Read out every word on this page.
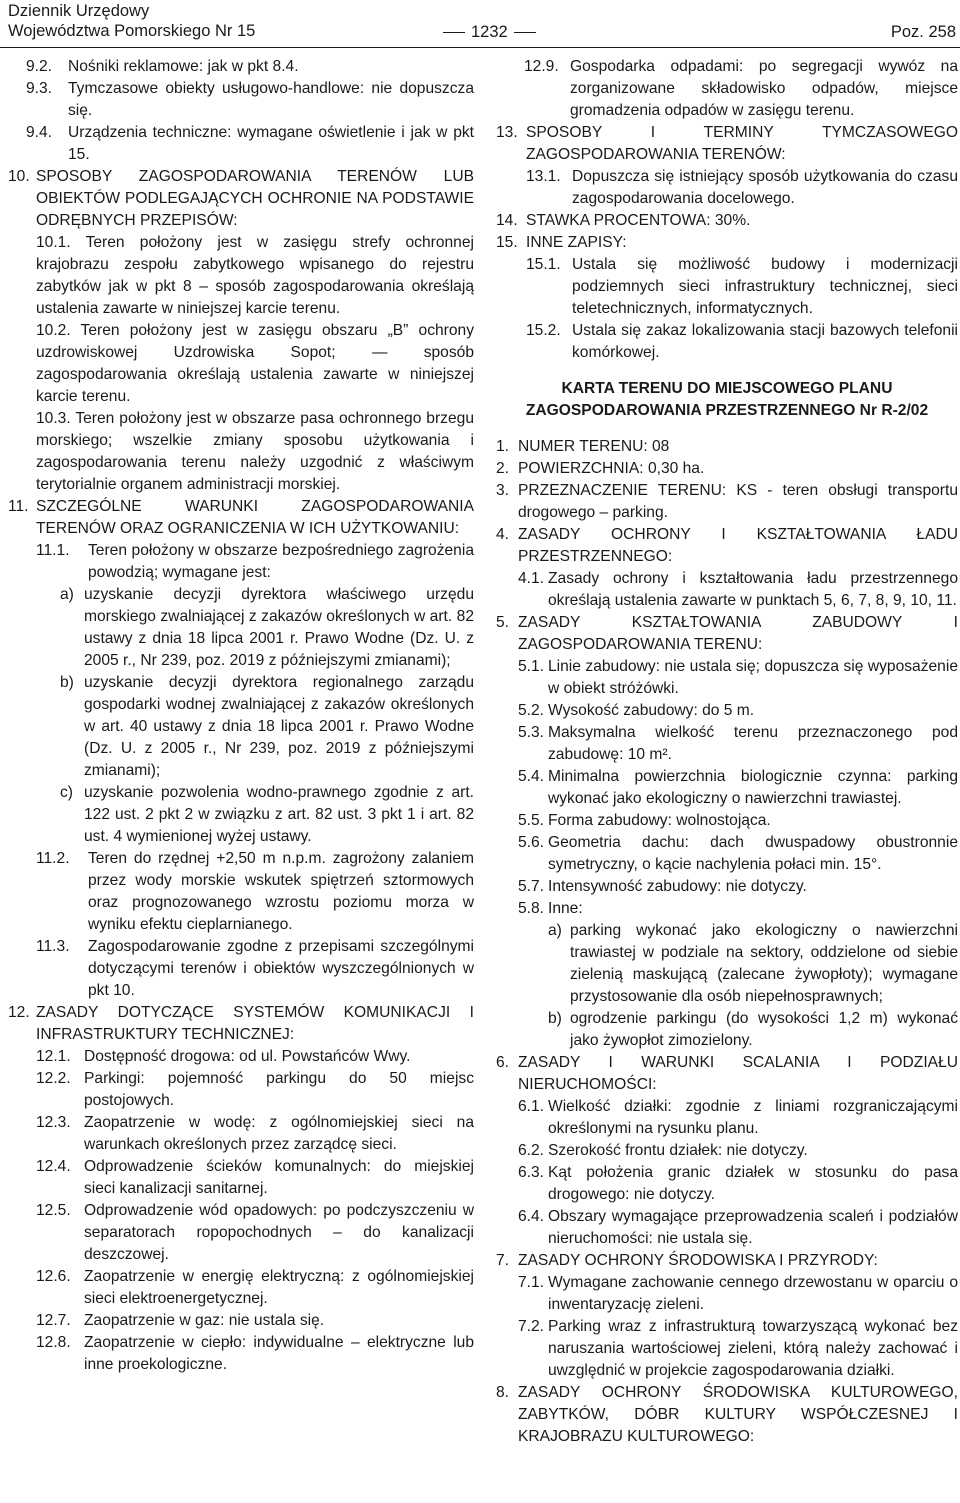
Dziennik Urzędowy
Województwa Pomorskiego Nr 15	1232	Poz. 258
9.2.	Nośniki reklamowe: jak w pkt 8.4.
9.3.	Tymczasowe obiekty usługowo-handlowe: nie dopuszcza się.
9.4.	Urządzenia techniczne: wymagane oświetlenie i jak w pkt 15.
10. SPOSOBY ZAGOSPODAROWANIA TERENÓW LUB OBIEKTÓW PODLEGAJĄCYCH OCHRONIE NA PODSTAWIE ODRĘBNYCH PRZEPISÓW:
10.1. Teren położony jest w zasięgu strefy ochronnej krajobrazu zespołu zabytkowego wpisanego do rejestru zabytków jak w pkt 8 – sposób zagospodarowania określają ustalenia zawarte w niniejszej karcie terenu.
10.2. Teren położony jest w zasięgu obszaru „B” ochrony uzdrowiskowej Uzdrowiska Sopot; — sposób zagospodarowania określają ustalenia zawarte w niniejszej karcie terenu.
10.3. Teren położony jest w obszarze pasa ochronnego brzegu morskiego; wszelkie zmiany sposobu użytkowania i zagospodarowania terenu należy uzgodnić z właściwym terytorialnie organem administracji morskiej.
11. SZCZEGÓLNE WARUNKI ZAGOSPODAROWANIA TERENÓW ORAZ OGRANICZENIA W ICH UŻYTKOWANIU:
11.1.	Teren położony w obszarze bezpośredniego zagrożenia powodzią; wymagane jest:
a) uzyskanie decyzji dyrektora właściwego urzędu morskiego zwalniającej z zakazów określonych w art. 82 ustawy z dnia 18 lipca 2001 r. Prawo Wodne (Dz. U. z 2005 r., Nr 239, poz. 2019 z późniejszymi zmianami);
b) uzyskanie decyzji dyrektora regionalnego zarządu gospodarki wodnej zwalniającej z zakazów określonych w art. 40 ustawy z dnia 18 lipca 2001 r. Prawo Wodne (Dz. U. z 2005 r., Nr 239, poz. 2019 z późniejszymi zmianami);
c) uzyskanie pozwolenia wodno-prawnego zgodnie z art. 122 ust. 2 pkt 2 w związku z art. 82 ust. 3 pkt 1 i art. 82 ust. 4 wymienionej wyżej ustawy.
11.2.	Teren do rzędnej +2,50 m n.p.m. zagrożony zalaniem przez wody morskie wskutek spiętrzeń sztormowych oraz prognozowanego wzrostu poziomu morza w wyniku efektu cieplarnianego.
11.3.	Zagospodarowanie zgodne z przepisami szczególnymi dotyczącymi terenów i obiektów wyszczególnionych w pkt 10.
12. ZASADY DOTYCZĄCE SYSTEMÓW KOMUNIKACJI I INFRASTRUKTURY TECHNICZNEJ:
12.1. Dostępność drogowa: od ul. Powstańców Wwy.
12.2. Parkingi: pojemność parkingu do 50 miejsc postojowych.
12.3. Zaopatrzenie w wodę: z ogólnomiejskiej sieci na warunkach określonych przez zarządcę sieci.
12.4. Odprowadzenie ścieków komunalnych: do miejskiej sieci kanalizacji sanitarnej.
12.5. Odprowadzenie wód opadowych: po podczyszczeniu w separatorach ropopochodnych – do kanalizacji deszczowej.
12.6. Zaopatrzenie w energię elektryczną: z ogólnomiejskiej sieci elektroenergetycznej.
12.7. Zaopatrzenie w gaz: nie ustala się.
12.8. Zaopatrzenie w ciepło: indywidualne – elektryczne lub inne proekologiczne.
12.9. Gospodarka odpadami: po segregacji wywóz na zorganizowane składowisko odpadów, miejsce gromadzenia odpadów w zasięgu terenu.
13. SPOSOBY I TERMINY TYMCZASOWEGO ZAGOSPODAROWANIA TERENÓW:
13.1. Dopuszcza się istniejący sposób użytkowania do czasu zagospodarowania docelowego.
14. STAWKA PROCENTOWA: 30%.
15. INNE ZAPISY:
15.1. Ustala się możliwość budowy i modernizacji podziemnych sieci infrastruktury technicznej, sieci teletechnicznych, informatycznych.
15.2. Ustala się zakaz lokalizowania stacji bazowych telefonii komórkowej.
KARTA TERENU DO MIEJSCOWEGO PLANU ZAGOSPODAROWANIA PRZESTRZENNEGO Nr R-2/02
1. NUMER TERENU: 08
2. POWIERZCHNIA: 0,30 ha.
3. PRZEZNACZENIE TERENU: KS - teren obsługi transportu drogowego – parking.
4. ZASADY OCHRONY I KSZTAŁTOWANIA ŁADU PRZESTRZENNEGO:
4.1. Zasady ochrony i kształtowania ładu przestrzennego określają ustalenia zawarte w punktach 5, 6, 7, 8, 9, 10, 11.
5. ZASADY KSZTAŁTOWANIA ZABUDOWY I ZAGOSPODAROWANIA TERENU:
5.1. Linie zabudowy: nie ustala się; dopuszcza się wyposażenie w obiekt stróżówki.
5.2. Wysokość zabudowy: do 5 m.
5.3. Maksymalna wielkość terenu przeznaczonego pod zabudowę: 10 m².
5.4. Minimalna powierzchnia biologicznie czynna: parking wykonać jako ekologiczny o nawierzchni trawiastej.
5.5. Forma zabudowy: wolnostojąca.
5.6. Geometria dachu: dach dwuspadowy obustronnie symetryczny, o kącie nachylenia połaci min. 15°.
5.7. Intensywność zabudowy: nie dotyczy.
5.8. Inne:
a) parking wykonać jako ekologiczny o nawierzchni trawiastej w podziale na sektory, oddzielone od siebie zielenią maskującą (zalecane żywopłoty); wymagane przystosowanie dla osób niepełnosprawnych;
b) ogrodzenie parkingu (do wysokości 1,2 m) wykonać jako żywopłot zimozielony.
6. ZASADY I WARUNKI SCALANIA I PODZIAŁU NIERUCHOMOŚCI:
6.1. Wielkość działki: zgodnie z liniami rozgraniczającymi określonymi na rysunku planu.
6.2. Szerokość frontu działek: nie dotyczy.
6.3. Kąt położenia granic działek w stosunku do pasa drogowego: nie dotyczy.
6.4. Obszary wymagające przeprowadzenia scaleń i podziałów nieruchomości: nie ustala się.
7. ZASADY OCHRONY ŚRODOWISKA I PRZYRODY:
7.1. Wymagane zachowanie cennego drzewostanu w oparciu o inwentaryzację zieleni.
7.2. Parking wraz z infrastrukturą towarzyszącą wykonać bez naruszania wartościowej zieleni, którą należy zachować i uwzględnić w projekcie zagospodarowania działki.
8. ZASADY OCHRONY ŚRODOWISKA KULTUROWEGO, ZABYTKÓW, DÓBR KULTURY WSPÓŁCZESNEJ I KRAJOBRAZU KULTUROWEGO:
